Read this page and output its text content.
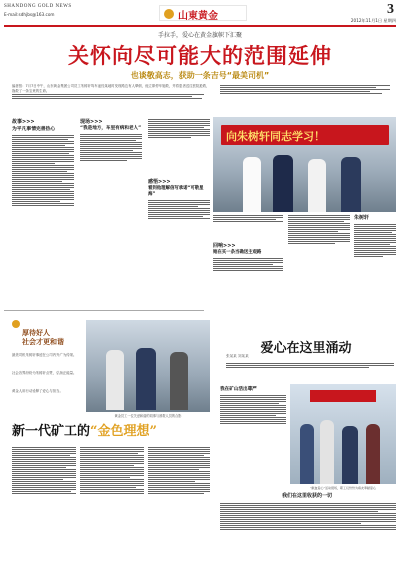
SHANDONG GOLD NEWS
E-mail:sdhjbs@163.com	山東黄金	3
2012年11月1日 星期四
手拉手，爱心在黄金旗帜下汇聚
关怀向尽可能大的范围延伸
也谈敬高志，获助一条吉号“最美司机”
编者按：7月7日中午，山东黄金集团公司员工朱树轩驾车途经某地时发现路边有人晕倒，他立即停车施救，并将患者送往医院抢救，挽救了一条宝贵的生命。
向朱树轩同志学习！
故事>>>
为平凡事情完善热心
现场>>>
“我是地方，车里有病和老人”
感悟>>>
看到他理解信写承诺“可敬星海”
回响>>>
她在买一条当确送主观路
朱树轩
厚待好人
社会才更和谐
最美司机朱树轩事迹在公司内外广为传颂。
社会各界纷纷为朱树轩点赞，弘扬正能量。
黄金人用行动诠释了爱心与担当。
黄金员工一位关爱和谐的同事与被救人员的合影
爱心在这里涌动
张某某 刘某某
“献血爱心”活动现场，职工们纷纷为病友奉献爱心
新一代矿工的“金色理想”
我在矿山活出尊严
我们在这里收获的一切
